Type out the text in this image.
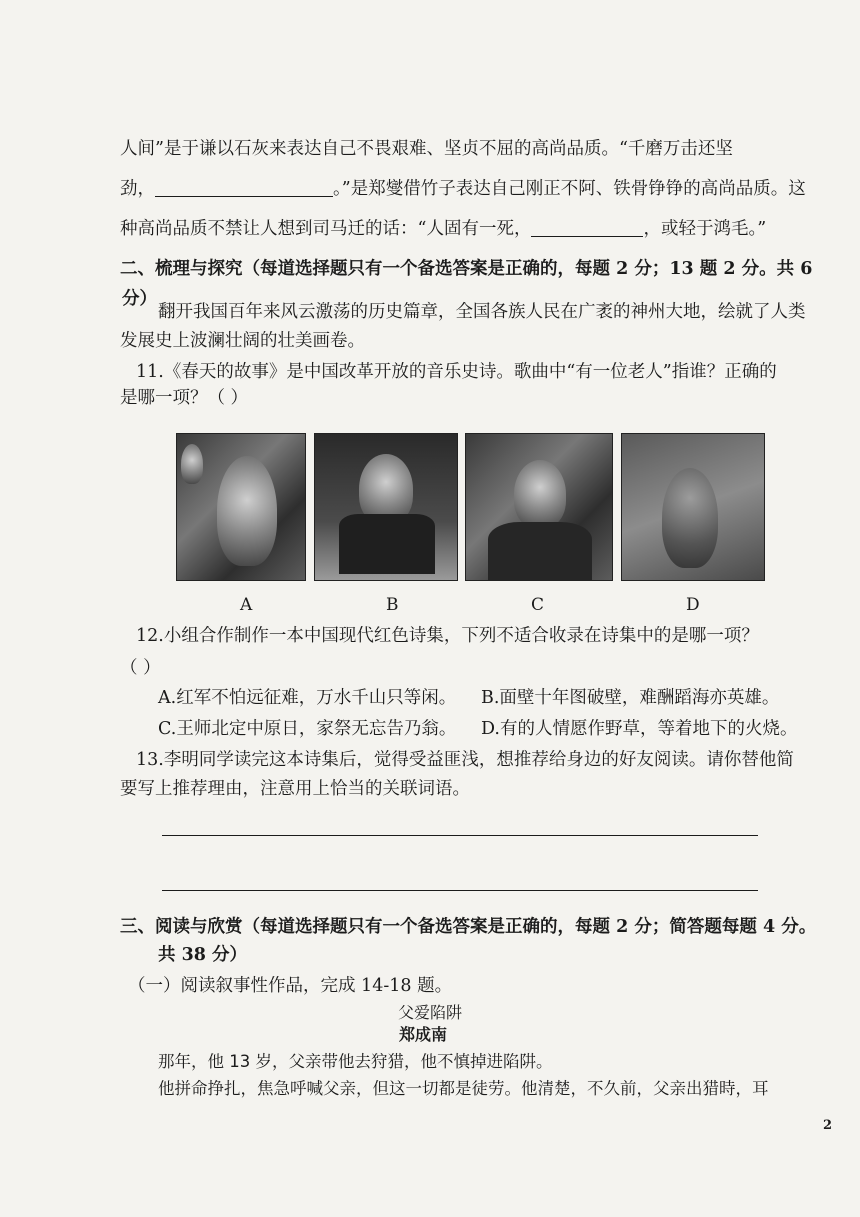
人间”是于谦以石灰来表达自己不畏艰难、坚贞不屈的高尚品质。“千磨万击还坚
劲，	。”是郑燮借竹子表达自己刚正不阿、铁骨铮铮的高尚品质。这
种高尚品质不禁让人想到司马迁的话：“人固有一死，	，或轻于鸿毛。”
二、梳理与探究（每道选择题只有一个备选答案是正确的，每题 2 分；13 题 2 分。共 6
分）
翻开我国百年来风云激荡的历史篇章，全国各族人民在广袤的神州大地，绘就了人类
发展史上波澜壮阔的壮美画卷。
11.《春天的故事》是中国改革开放的音乐史诗。歌曲中“有一位老人”指谁？正确的
是哪一项？（ ）
A	B	C	D
12.小组合作制作一本中国现代红色诗集，下列不适合收录在诗集中的是哪一项？
（ ）
A.红军不怕远征难，万水千山只等闲。 B.面壁十年图破壁，难酬蹈海亦英雄。
C.王师北定中原日，家祭无忘告乃翁。 D.有的人情愿作野草，等着地下的火烧。
13.李明同学读完这本诗集后，觉得受益匪浅，想推荐给身边的好友阅读。请你替他简
要写上推荐理由，注意用上恰当的关联词语。
三、阅读与欣赏（每道选择题只有一个备选答案是正确的，每题 2 分；简答题每题 4 分。
共 38 分）
（一）阅读叙事性作品，完成 14-18 题。
父爱陷阱
郑成南
那年，他 13 岁，父亲带他去狩猎，他不慎掉进陷阱。
他拼命挣扎，焦急呼喊父亲，但这一切都是徒劳。他清楚，不久前，父亲出猎時，耳
2
